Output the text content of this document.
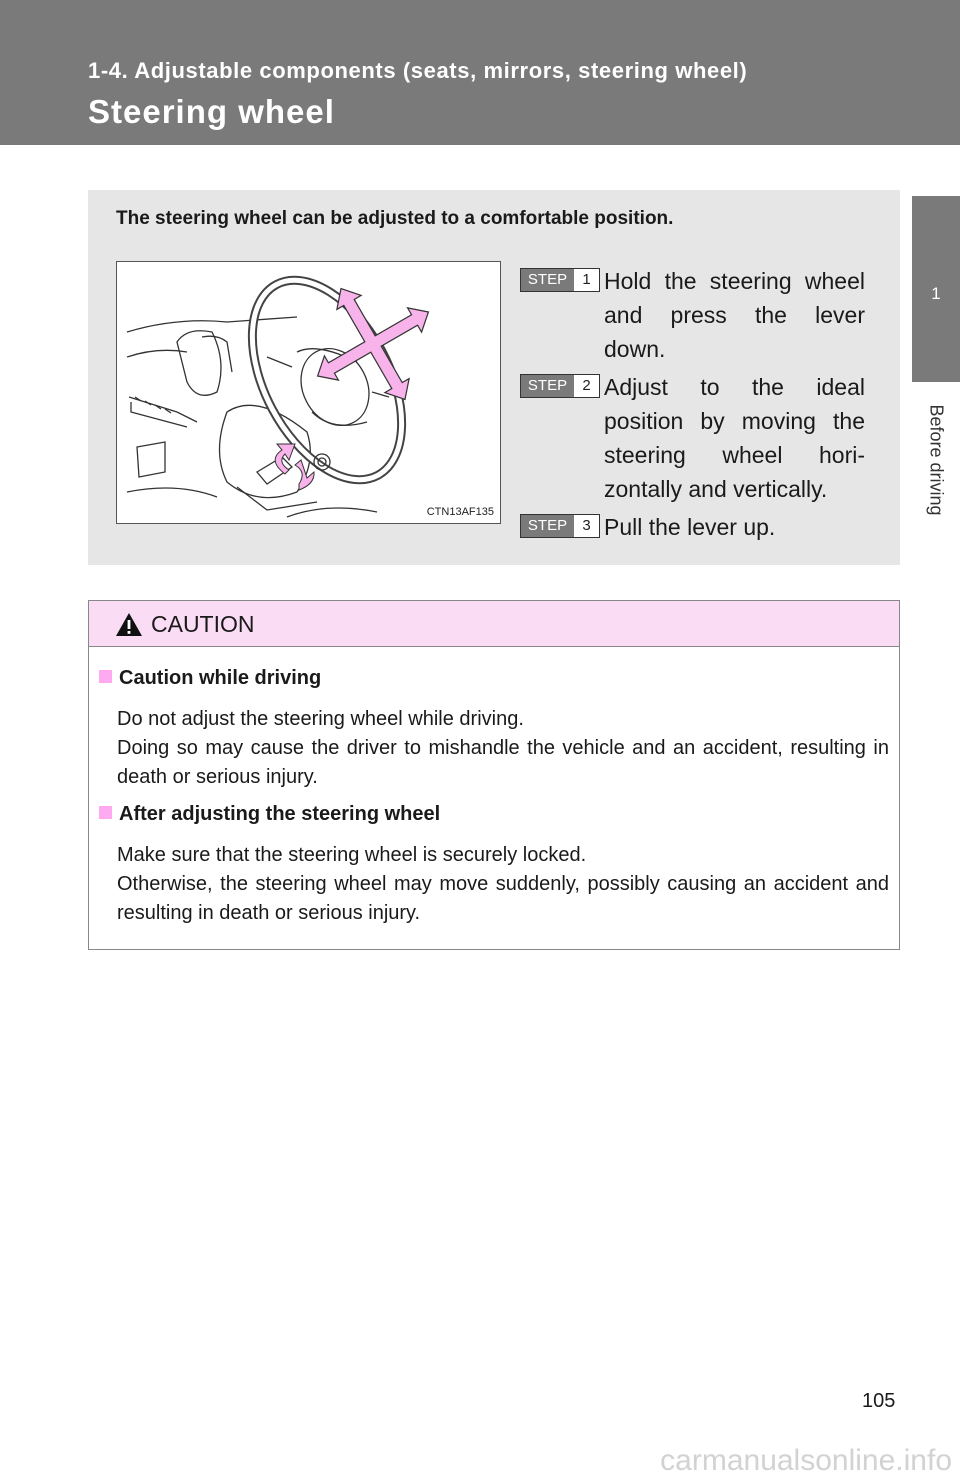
1-4. Adjustable components (seats, mirrors, steering wheel)
Steering wheel
1
Before driving
The steering wheel can be adjusted to a comfortable position.
CTN13AF135
STEP	1 Hold the steering wheel and press the lever down.
STEP	2 Adjust to the ideal position by moving the steering wheel hori-zontally and vertically.
STEP	3 Pull the lever up.
CAUTION
Caution while driving
Do not adjust the steering wheel while driving.
Doing so may cause the driver to mishandle the vehicle and an accident, resulting in death or serious injury.
After adjusting the steering wheel
Make sure that the steering wheel is securely locked.
Otherwise, the steering wheel may move suddenly, possibly causing an accident and resulting in death or serious injury.
105
carmanualsonline.info
